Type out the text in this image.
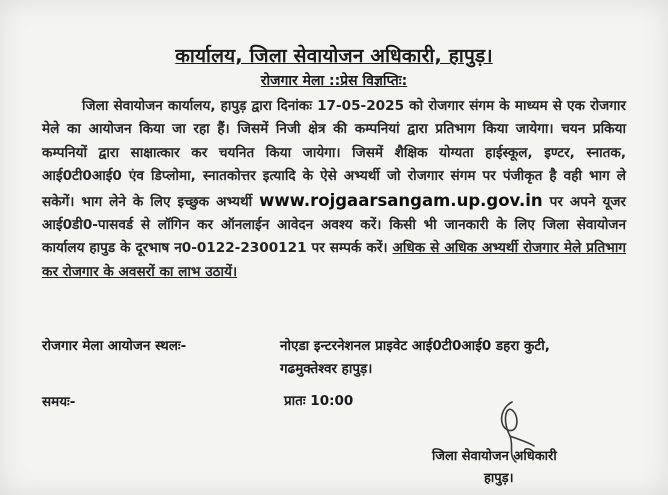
कार्यालय, जिला सेवायोजन अधिकारी, हापुड़।
रोजगार मेला ::प्रेस विज्ञप्तिः:
जिला सेवायोजन कार्यालय, हापुड़ द्वारा दिनांकः 17-05-2025 को रोजगार संगम के माध्यम से एक रोजगार मेले का आयोजन किया जा रहा हैं। जिसमें निजी क्षेत्र की कम्पनियां द्वारा प्रतिभाग किया जायेगा। चयन प्रकिया कम्पनियों द्वारा साक्षात्कार कर चयनित किया जायेगा। जिसमें शैक्षिक योग्यता हाईस्कूल, इण्टर, स्नातक, आई0टी0आई0 एंव डिप्लोमा, स्नातकोत्तर इत्यादि के ऐसे अभ्यर्थी जो रोजगार संगम पर पंजीकृत है वही भाग ले सकेगें। भाग लेने के लिए इच्छुक अभ्यर्थी www.rojgaarsangam.up.gov.in पर अपने यूजर आई0डी0-पासवर्ड से लॉगिन कर ऑनलाईन आवेदन अवश्य करें। किसी भी जानकारी के लिए जिला सेवायोजन कार्यालय हापुड के दूरभाष न0-0122-2300121 पर सम्पर्क करें। अधिक से अधिक अभ्यर्थी रोजगार मेले प्रतिभाग कर रोजगार के अवसरों का लाभ उठायें।
रोजगार मेला आयोजन स्थलः-	नोएडा इन्टरनेशनल प्राइवेट आई0टी0आई0 डहरा कुटी,
गढमुक्तेश्वर हापुड़।
समयः-	प्रातः 10:00
जिला सेवायोजन अधिकारी
हापुड़।
